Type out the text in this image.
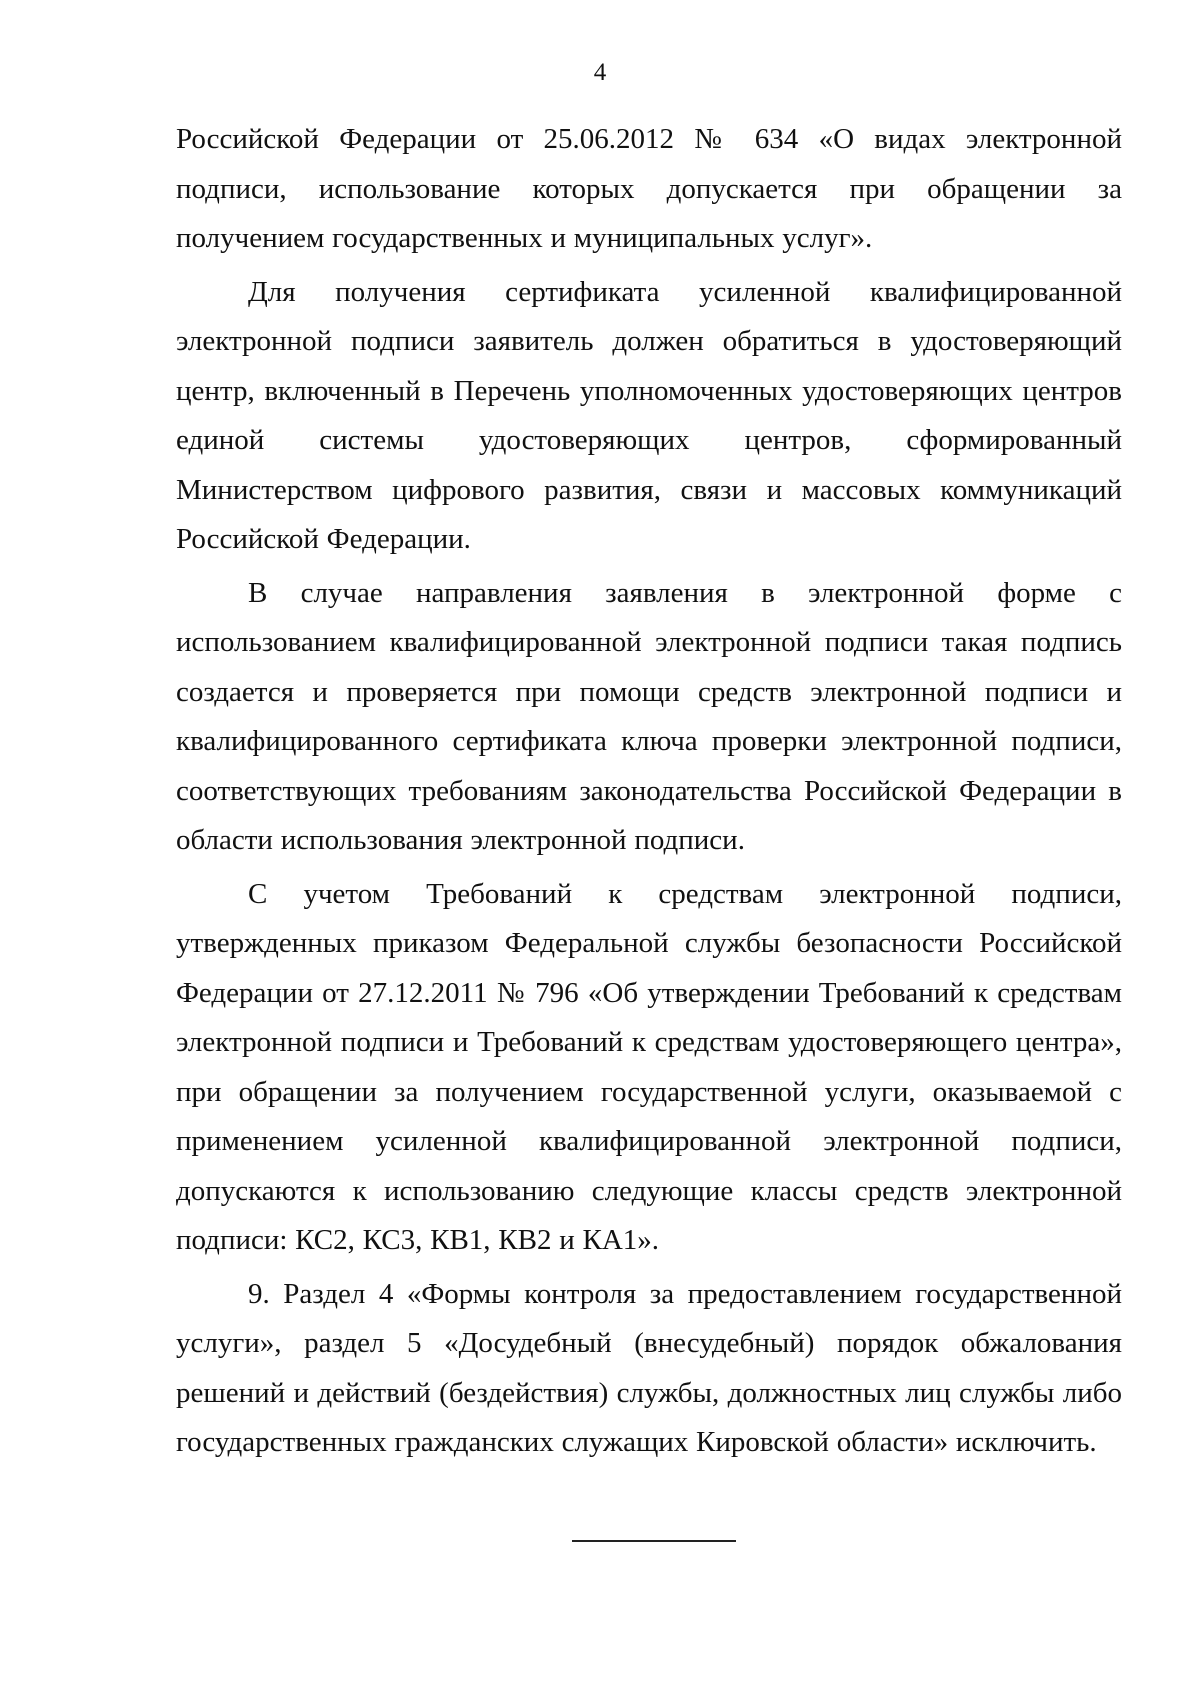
4

Российской Федерации от 25.06.2012 № 634 «О видах электронной подписи, использование которых допускается при обращении за получением государственных и муниципальных услуг».

Для получения сертификата усиленной квалифицированной электронной подписи заявитель должен обратиться в удостоверяющий центр, включенный в Перечень уполномоченных удостоверяющих центров единой системы удостоверяющих центров, сформированный Министерством цифрового развития, связи и массовых коммуникаций Российской Федерации.

В случае направления заявления в электронной форме с использованием квалифицированной электронной подписи такая подпись создается и проверяется при помощи средств электронной подписи и квалифицированного сертификата ключа проверки электронной подписи, соответствующих требованиям законодательства Российской Федерации в области использования электронной подписи.

С учетом Требований к средствам электронной подписи, утвержденных приказом Федеральной службы безопасности Российской Федерации от 27.12.2011 № 796 «Об утверждении Требований к средствам электронной подписи и Требований к средствам удостоверяющего центра», при обращении за получением государственной услуги, оказываемой с применением усиленной квалифицированной электронной подписи, допускаются к использованию следующие классы средств электронной подписи: КС2, КС3, КВ1, КВ2 и КА1».

9. Раздел 4 «Формы контроля за предоставлением государственной услуги», раздел 5 «Досудебный (внесудебный) порядок обжалования решений и действий (бездействия) службы, должностных лиц службы либо государственных гражданских служащих Кировской области» исключить.
